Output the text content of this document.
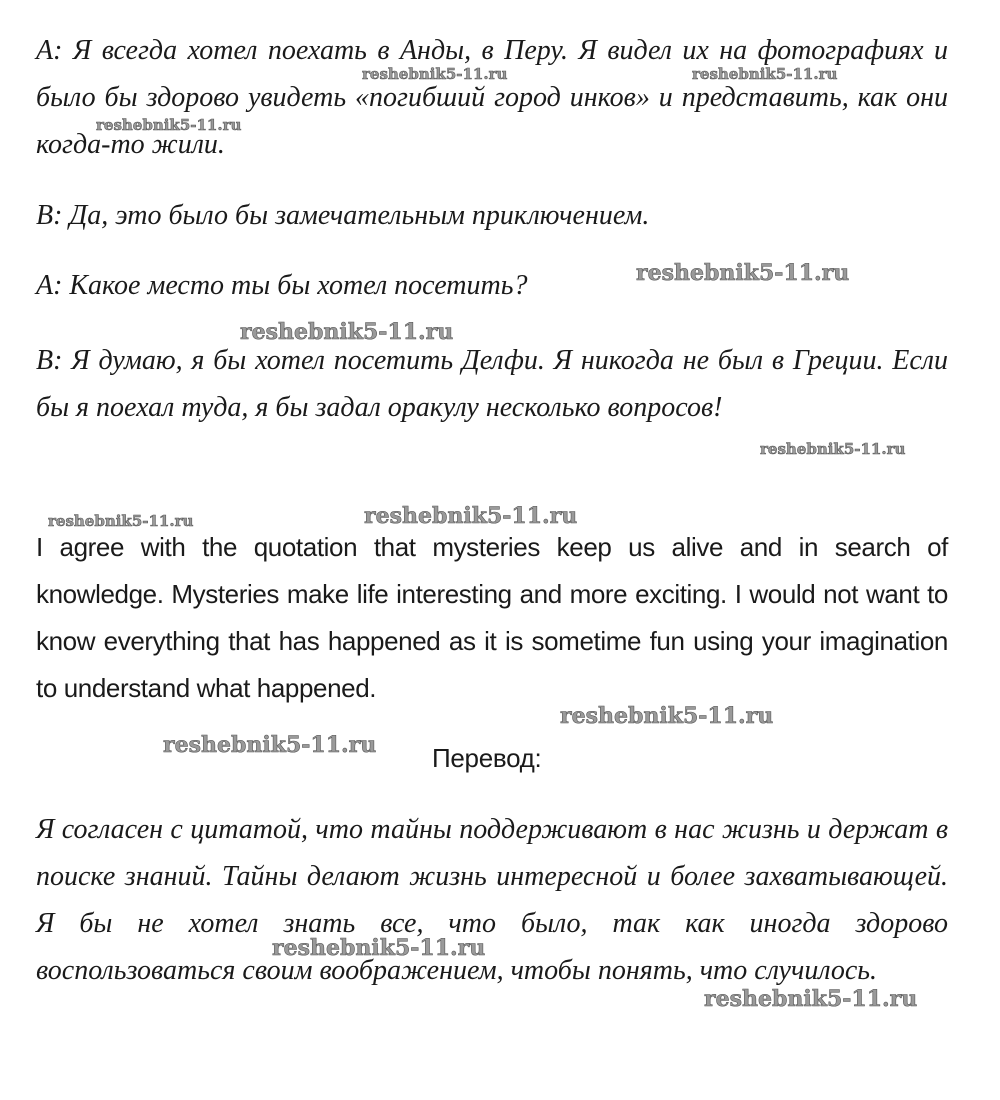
A: Я всегда хотел поехать в Анды, в Перу. Я видел их на фотографиях и было бы здорово увидеть «погибший город инков» и представить, как они когда-то жили.

B: Да, это было бы замечательным приключением.

A: Какое место ты бы хотел посетить?

B: Я думаю, я бы хотел посетить Делфи. Я никогда не был в Греции. Если бы я поехал туда, я бы задал оракулу несколько вопросов!

I agree with the quotation that mysteries keep us alive and in search of knowledge. Mysteries make life interesting and more exciting. I would not want to know everything that has happened as it is sometime fun using your imagination to understand what happened.

Перевод:

Я согласен с цитатой, что тайны поддерживают в нас жизнь и держат в поиске знаний. Тайны делают жизнь интересной и более захватывающей. Я бы не хотел знать все, что было, так как иногда здорово воспользоваться своим воображением, чтобы понять, что случилось.

reshebnik5-11.ru	reshebnik5-11.ru
reshebnik5-11.ru
reshebnik5-11.ru
reshebnik5-11.ru
reshebnik5-11.ru
reshebnik5-11.ru	reshebnik5-11.ru
reshebnik5-11.ru
reshebnik5-11.ru
reshebnik5-11.ru
reshebnik5-11.ru
